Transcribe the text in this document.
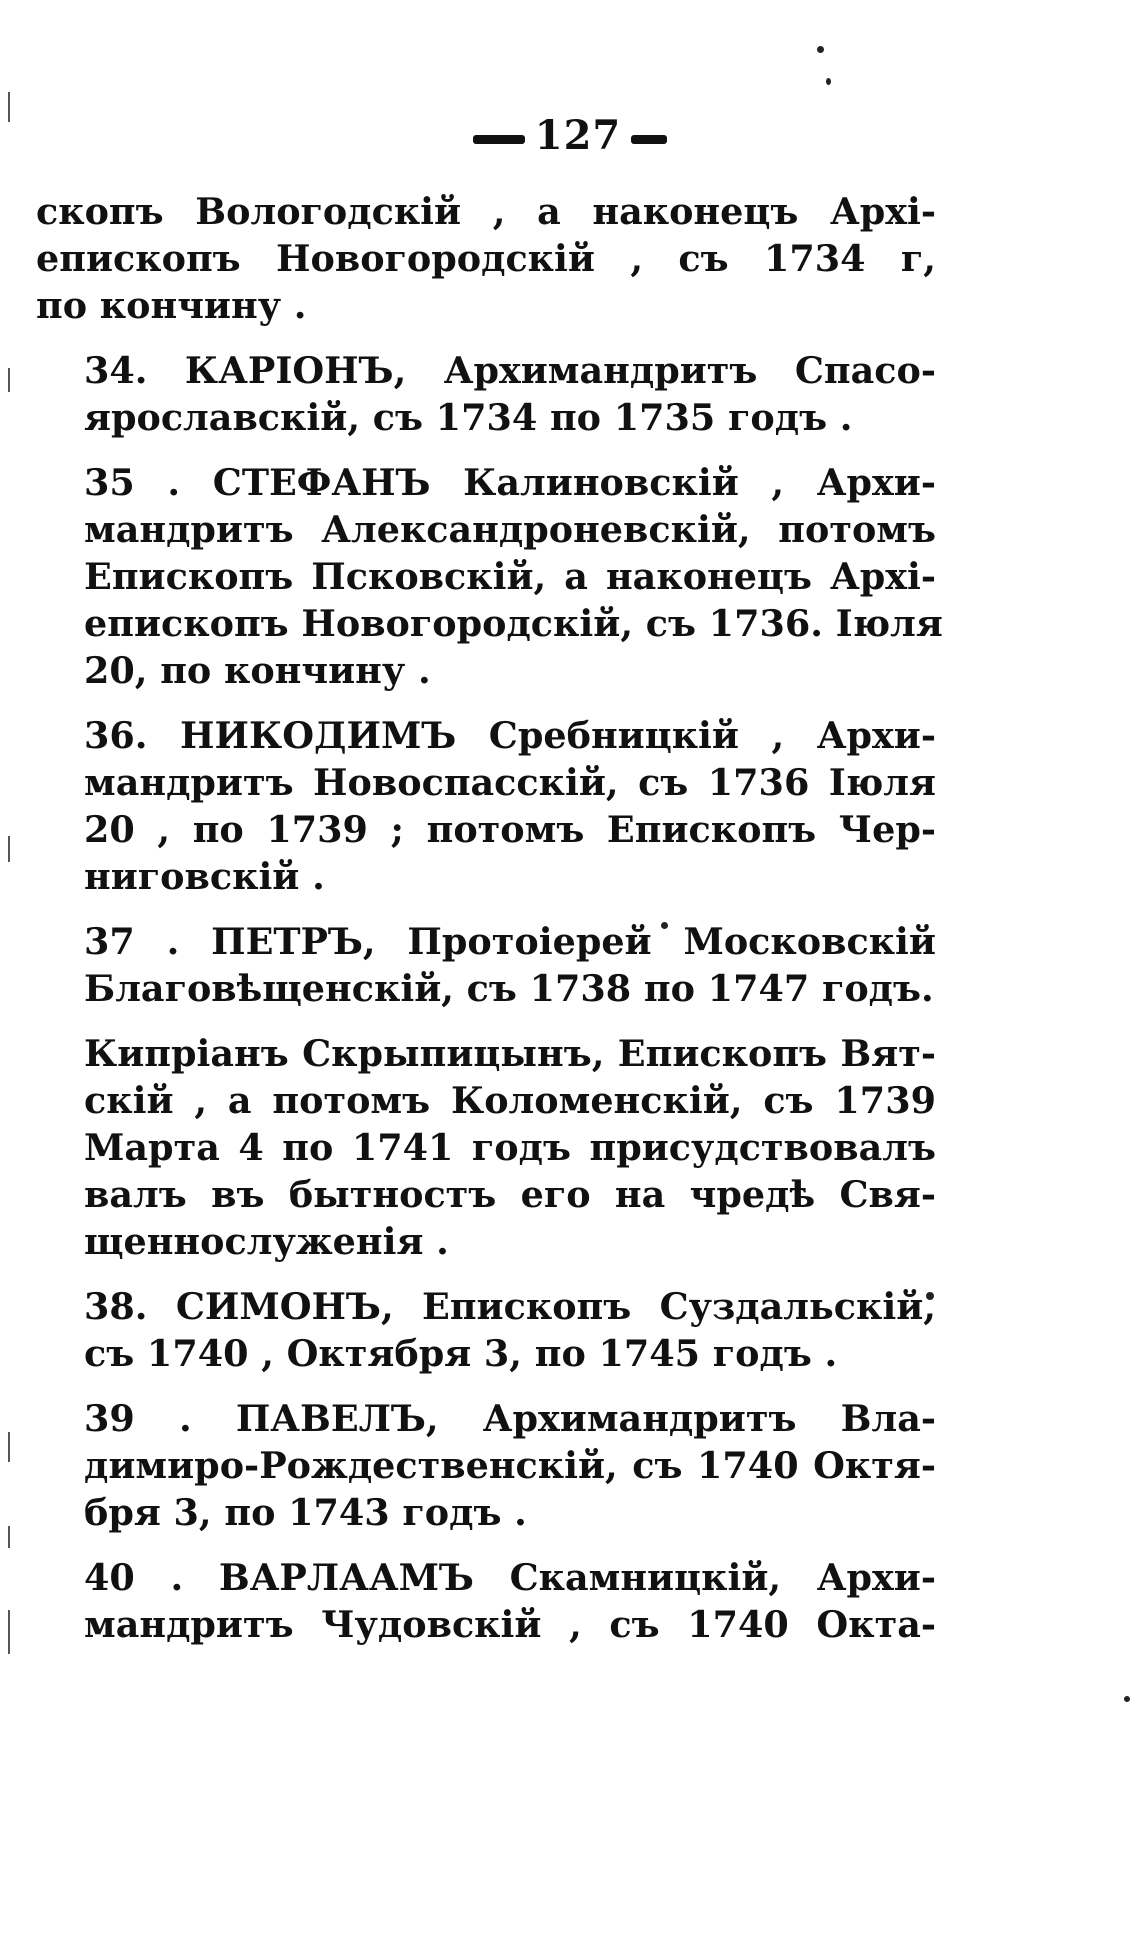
127
скопъ Вологодскій , а наконецъ Архі-
епископъ Новогородскій , съ 1734 г,
по кончину .
34. КАРІОНЪ, Архимандритъ Спасо-
ярославскій, съ 1734 по 1735 годъ .
35 . СТЕФАНЪ Калиновскій , Архи-
мандритъ Александроневскій, потомъ
Епископъ Псковскій, а наконецъ Архі-
епископъ Новогородскій, съ 1736. Іюля
20, по кончину .
36. НИКОДИМЪ Сребницкій , Архи-
мандритъ Новоспасскій, съ 1736 Іюля
20 , по 1739 ; потомъ Епископъ Чер-
ниговскій .
37 . ПЕТРЪ, Протоіерей Московскій
Благовѣщенскій, съ 1738 по 1747 годъ.
Кипріанъ Скрыпицынъ, Епископъ Вят-
скій , а потомъ Коломенскій, съ 1739
Марта 4 по 1741 годъ присудствовалъ
валъ въ бытностъ его на чредѣ Свя-
щеннослуженія .
38. СИМОНЪ, Епископъ Суздальскій,
съ 1740 , Октября 3, по 1745 годъ .
39 . ПАВЕЛЪ, Архимандритъ Вла-
димиро-Рождественскій, съ 1740 Октя-
бря 3, по 1743 годъ .
40 . ВАРЛААМЪ Скамницкій, Архи-
мандритъ Чудовскій , съ 1740 Окта-
